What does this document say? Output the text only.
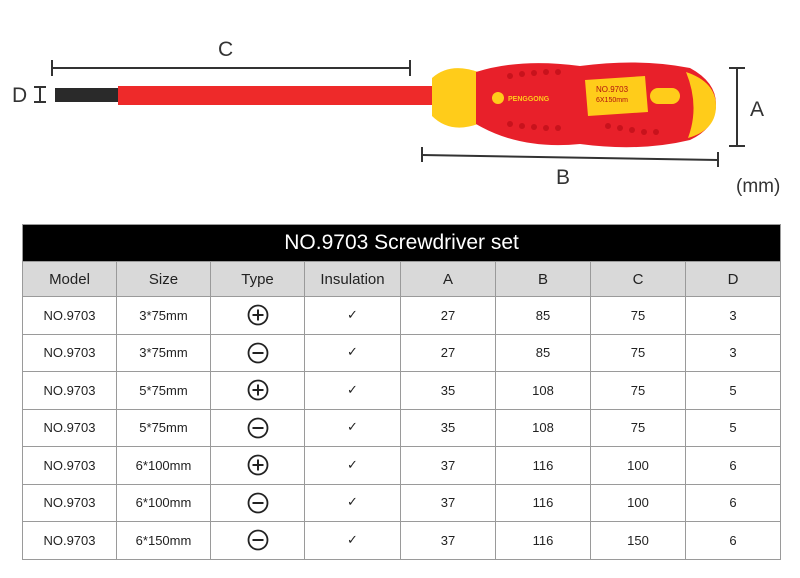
PENGGONG
NO.9703
6X150mm
C
D
A
B	(mm)
NO.9703 Screwdriver set							
Model	Size	Type	Insulation	A	B	C	D
NO.9703	3*75mm		✓	27	85	75	3
NO.9703	3*75mm		✓	27	85	75	3
NO.9703	5*75mm		✓	35	108	75	5
NO.9703	5*75mm		✓	35	108	75	5
NO.9703	6*100mm		✓	37	116	100	6
NO.9703	6*100mm		✓	37	116	100	6
NO.9703	6*150mm		✓	37	116	150	6
